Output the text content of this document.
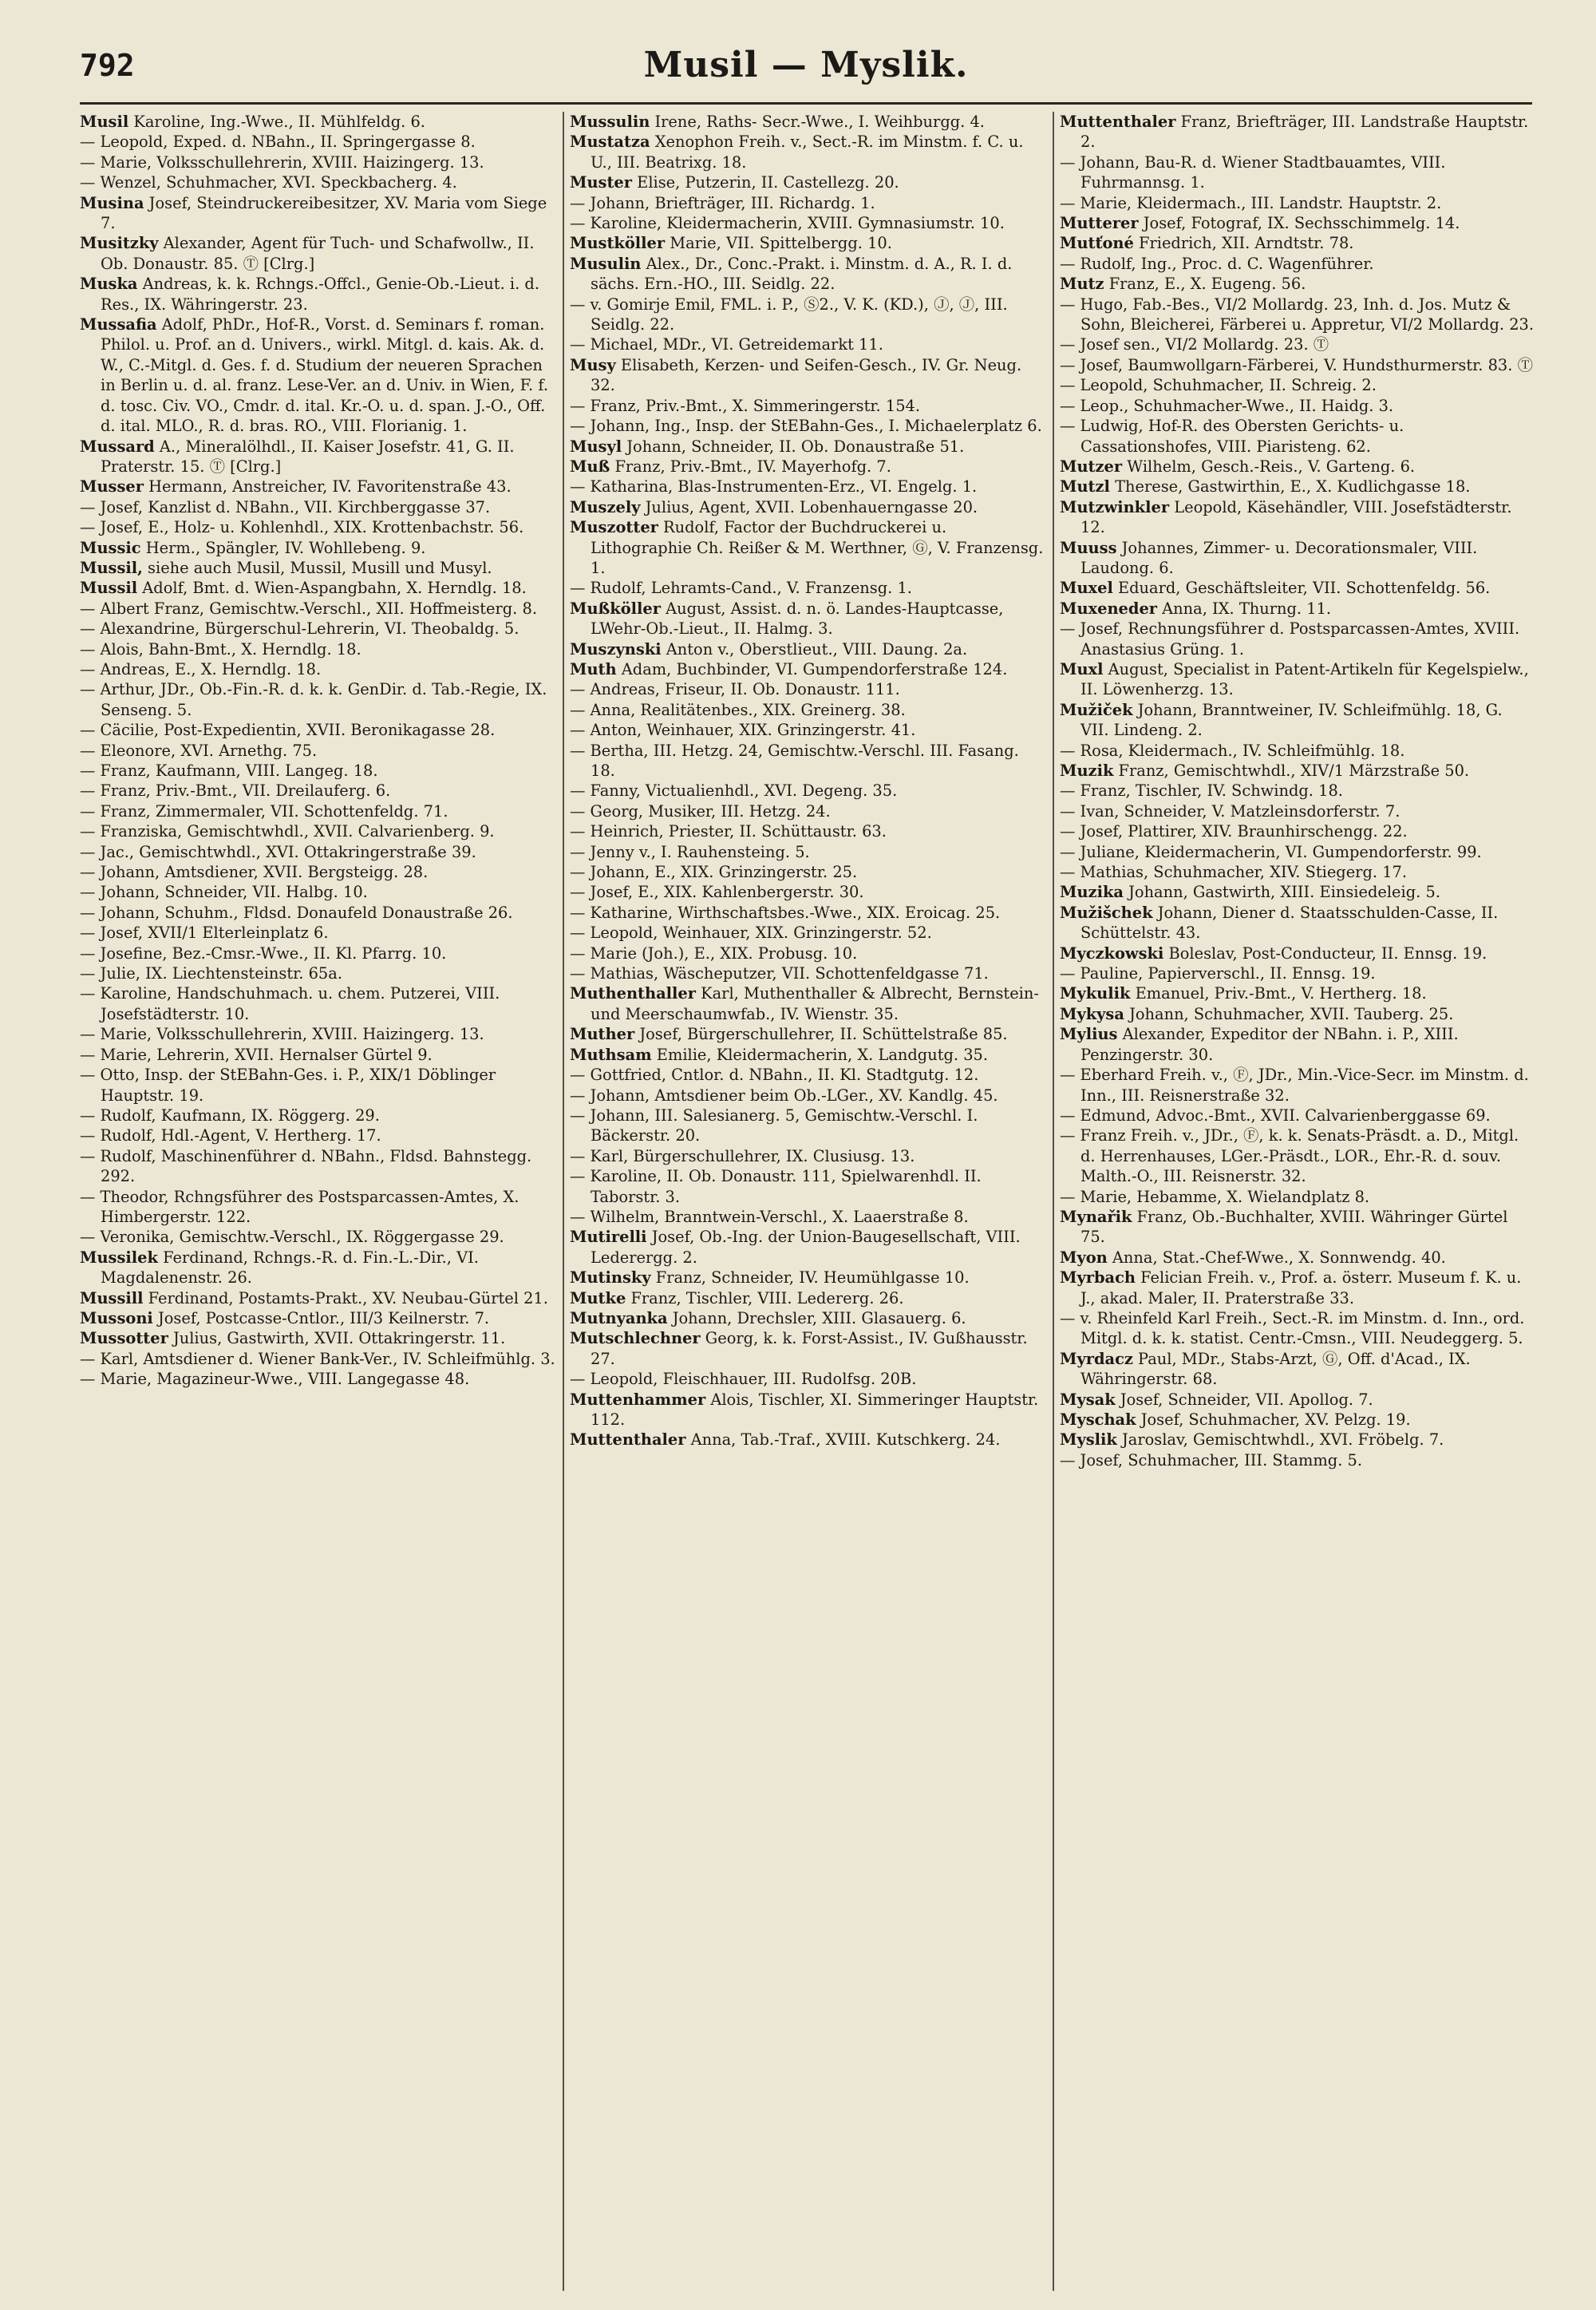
792	Musil — Myslik.
Musil Karoline, Ing.-Wwe., II. Mühlfeldg. 6.
— Leopold, Exped. d. NBahn., II. Springergasse 8.
— Marie, Volksschullehrerin, XVIII. Haizingerg. 13.
— Wenzel, Schuhmacher, XVI. Speckbacherg. 4.
Musina Josef, Steindruckereibesitzer, XV. Maria vom Siege 7.
Musitzky Alexander, Agent für Tuch- und Schafwollw., II. Ob. Donaustr. 85. Ⓣ [Clrg.]
Muska Andreas, k. k. Rchngs.-Offcl., Genie-Ob.-Lieut. i. d. Res., IX. Währingerstr. 23.
Mussafia Adolf, PhDr., Hof-R., Vorst. d. Seminars f. roman. Philol. u. Prof. an d. Univers., wirkl. Mitgl. d. kais. Ak. d. W., C.-Mitgl. d. Ges. f. d. Studium der neueren Sprachen in Berlin u. d. al. franz. Lese-Ver. an d. Univ. in Wien, F. f. d. tosc. Civ. VO., Cmdr. d. ital. Kr.-O. u. d. span. J.-O., Off. d. ital. MLO., R. d. bras. RO., VIII. Florianig. 1.
Mussard A., Mineralölhdl., II. Kaiser Josefstr. 41, G. II. Praterstr. 15. Ⓣ [Clrg.]
Musser Hermann, Anstreicher, IV. Favoritenstraße 43.
— Josef, Kanzlist d. NBahn., VII. Kirchberggasse 37.
— Josef, E., Holz- u. Kohlenhdl., XIX. Krottenbachstr. 56.
Mussic Herm., Spängler, IV. Wohllebeng. 9.
Mussil, siehe auch Musil, Mussil, Musill und Musyl.
Mussil Adolf, Bmt. d. Wien-Aspangbahn, X. Herndlg. 18.
— Albert Franz, Gemischtw.-Verschl., XII. Hoffmeisterg. 8.
— Alexandrine, Bürgerschul-Lehrerin, VI. Theobaldg. 5.
— Alois, Bahn-Bmt., X. Herndlg. 18.
— Andreas, E., X. Herndlg. 18.
— Arthur, JDr., Ob.-Fin.-R. d. k. k. GenDir. d. Tab.-Regie, IX. Senseng. 5.
— Cäcilie, Post-Expedientin, XVII. Beronikagasse 28.
— Eleonore, XVI. Arnethg. 75.
— Franz, Kaufmann, VIII. Langeg. 18.
— Franz, Priv.-Bmt., VII. Dreilauferg. 6.
— Franz, Zimmermaler, VII. Schottenfeldg. 71.
— Franziska, Gemischtwhdl., XVII. Calvarienberg. 9.
— Jac., Gemischtwhdl., XVI. Ottakringerstraße 39.
— Johann, Amtsdiener, XVII. Bergsteigg. 28.
— Johann, Schneider, VII. Halbg. 10.
— Johann, Schuhm., Fldsd. Donaufeld Donaustraße 26.
— Josef, XVII/1 Elterleinplatz 6.
— Josefine, Bez.-Cmsr.-Wwe., II. Kl. Pfarrg. 10.
— Julie, IX. Liechtensteinstr. 65a.
— Karoline, Handschuhmach. u. chem. Putzerei, VIII. Josefstädterstr. 10.
— Marie, Volksschullehrerin, XVIII. Haizingerg. 13.
— Marie, Lehrerin, XVII. Hernalser Gürtel 9.
— Otto, Insp. der StEBahn-Ges. i. P., XIX/1 Döblinger Hauptstr. 19.
— Rudolf, Kaufmann, IX. Röggerg. 29.
— Rudolf, Hdl.-Agent, V. Hertherg. 17.
— Rudolf, Maschinenführer d. NBahn., Fldsd. Bahnstegg. 292.
— Theodor, Rchngsführer des Postsparcassen-Amtes, X. Himbergerstr. 122.
— Veronika, Gemischtw.-Verschl., IX. Röggergasse 29.
Mussilek Ferdinand, Rchngs.-R. d. Fin.-L.-Dir., VI. Magdalenenstr. 26.
Mussill Ferdinand, Postamts-Prakt., XV. Neubau-Gürtel 21.
Mussoni Josef, Postcasse-Cntlor., III/3 Keilnerstr. 7.
Mussotter Julius, Gastwirth, XVII. Ottakringerstr. 11.
— Karl, Amtsdiener d. Wiener Bank-Ver., IV. Schleifmühlg. 3.
— Marie, Magazineur-Wwe., VIII. Langegasse 48.
Mussulin Irene, Raths- Secr.-Wwe., I. Weihburgg. 4.
Mustatza Xenophon Freih. v., Sect.-R. im Minstm. f. C. u. U., III. Beatrixg. 18.
Muster Elise, Putzerin, II. Castellezg. 20.
— Johann, Briefträger, III. Richardg. 1.
— Karoline, Kleidermacherin, XVIII. Gymnasiumstr. 10.
Mustköller Marie, VII. Spittelbergg. 10.
Musulin Alex., Dr., Conc.-Prakt. i. Minstm. d. A., R. I. d. sächs. Ern.-HO., III. Seidlg. 22.
— v. Gomirje Emil, FML. i. P., Ⓢ2., V. K. (KD.), Ⓙ, Ⓙ, III. Seidlg. 22.
— Michael, MDr., VI. Getreidemarkt 11.
Musy Elisabeth, Kerzen- und Seifen-Gesch., IV. Gr. Neug. 32.
— Franz, Priv.-Bmt., X. Simmeringerstr. 154.
— Johann, Ing., Insp. der StEBahn-Ges., I. Michaelerplatz 6.
Musyl Johann, Schneider, II. Ob. Donaustraße 51.
Muß Franz, Priv.-Bmt., IV. Mayerhofg. 7.
— Katharina, Blas-Instrumenten-Erz., VI. Engelg. 1.
Muszely Julius, Agent, XVII. Lobenhauerngasse 20.
Muszotter Rudolf, Factor der Buchdruckerei u. Lithographie Ch. Reißer & M. Werthner, Ⓖ, V. Franzensg. 1.
— Rudolf, Lehramts-Cand., V. Franzensg. 1.
Mußköller August, Assist. d. n. ö. Landes-Hauptcasse, LWehr-Ob.-Lieut., II. Halmg. 3.
Muszynski Anton v., Oberstlieut., VIII. Daung. 2a.
Muth Adam, Buchbinder, VI. Gumpendorferstraße 124.
— Andreas, Friseur, II. Ob. Donaustr. 111.
— Anna, Realitätenbes., XIX. Greinerg. 38.
— Anton, Weinhauer, XIX. Grinzingerstr. 41.
— Bertha, III. Hetzg. 24, Gemischtw.-Verschl. III. Fasang. 18.
— Fanny, Victualienhdl., XVI. Degeng. 35.
— Georg, Musiker, III. Hetzg. 24.
— Heinrich, Priester, II. Schüttaustr. 63.
— Jenny v., I. Rauhensteing. 5.
— Johann, E., XIX. Grinzingerstr. 25.
— Josef, E., XIX. Kahlenbergerstr. 30.
— Katharine, Wirthschaftsbes.-Wwe., XIX. Eroicag. 25.
— Leopold, Weinhauer, XIX. Grinzingerstr. 52.
— Marie (Joh.), E., XIX. Probusg. 10.
— Mathias, Wäscheputzer, VII. Schottenfeldgasse 71.
Muthenthaller Karl, Muthenthaller & Albrecht, Bernstein- und Meerschaumwfab., IV. Wienstr. 35.
Muther Josef, Bürgerschullehrer, II. Schüttelstraße 85.
Muthsam Emilie, Kleidermacherin, X. Landgutg. 35.
— Gottfried, Cntlor. d. NBahn., II. Kl. Stadtgutg. 12.
— Johann, Amtsdiener beim Ob.-LGer., XV. Kandlg. 45.
— Johann, III. Salesianerg. 5, Gemischtw.-Verschl. I. Bäckerstr. 20.
— Karl, Bürgerschullehrer, IX. Clusiusg. 13.
— Karoline, II. Ob. Donaustr. 111, Spielwarenhdl. II. Taborstr. 3.
— Wilhelm, Branntwein-Verschl., X. Laaerstraße 8.
Mutirelli Josef, Ob.-Ing. der Union-Baugesellschaft, VIII. Lederergg. 2.
Mutinsky Franz, Schneider, IV. Heumühlgasse 10.
Mutke Franz, Tischler, VIII. Ledererg. 26.
Mutnyanka Johann, Drechsler, XIII. Glasauerg. 6.
Mutschlechner Georg, k. k. Forst-Assist., IV. Gußhausstr. 27.
— Leopold, Fleischhauer, III. Rudolfsg. 20B.
Muttenhammer Alois, Tischler, XI. Simmeringer Hauptstr. 112.
Muttenthaler Anna, Tab.-Traf., XVIII. Kutschkerg. 24.
Muttenthaler Franz, Briefträger, III. Landstraße Hauptstr. 2.
— Johann, Bau-R. d. Wiener Stadtbauamtes, VIII. Fuhrmannsg. 1.
— Marie, Kleidermach., III. Landstr. Hauptstr. 2.
Mutterer Josef, Fotograf, IX. Sechsschimmelg. 14.
Mutťoné Friedrich, XII. Arndtstr. 78.
— Rudolf, Ing., Proc. d. C. Wagenführer.
Mutz Franz, E., X. Eugeng. 56.
— Hugo, Fab.-Bes., VI/2 Mollardg. 23, Inh. d. Jos. Mutz & Sohn, Bleicherei, Färberei u. Appretur, VI/2 Mollardg. 23.
— Josef sen., VI/2 Mollardg. 23. Ⓣ
— Josef, Baumwollgarn-Färberei, V. Hundsthurmerstr. 83. Ⓣ
— Leopold, Schuhmacher, II. Schreig. 2.
— Leop., Schuhmacher-Wwe., II. Haidg. 3.
— Ludwig, Hof-R. des Obersten Gerichts- u. Cassationshofes, VIII. Piaristeng. 62.
Mutzer Wilhelm, Gesch.-Reis., V. Garteng. 6.
Mutzl Therese, Gastwirthin, E., X. Kudlichgasse 18.
Mutzwinkler Leopold, Käsehändler, VIII. Josefstädterstr. 12.
Muuss Johannes, Zimmer- u. Decorationsmaler, VIII. Laudong. 6.
Muxel Eduard, Geschäftsleiter, VII. Schottenfeldg. 56.
Muxeneder Anna, IX. Thurng. 11.
— Josef, Rechnungsführer d. Postsparcassen-Amtes, XVIII. Anastasius Grüng. 1.
Muxl August, Specialist in Patent-Artikeln für Kegelspielw., II. Löwenherzg. 13.
Mužiček Johann, Branntweiner, IV. Schleifmühlg. 18, G. VII. Lindeng. 2.
— Rosa, Kleidermach., IV. Schleifmühlg. 18.
Muzik Franz, Gemischtwhdl., XIV/1 Märzstraße 50.
— Franz, Tischler, IV. Schwindg. 18.
— Ivan, Schneider, V. Matzleinsdorferstr. 7.
— Josef, Plattirer, XIV. Braunhirschengg. 22.
— Juliane, Kleidermacherin, VI. Gumpendorferstr. 99.
— Mathias, Schuhmacher, XIV. Stiegerg. 17.
Muzika Johann, Gastwirth, XIII. Einsiedeleig. 5.
Mužišchek Johann, Diener d. Staatsschulden-Casse, II. Schüttelstr. 43.
Myczkowski Boleslav, Post-Conducteur, II. Ennsg. 19.
— Pauline, Papierverschl., II. Ennsg. 19.
Mykulik Emanuel, Priv.-Bmt., V. Hertherg. 18.
Mykysa Johann, Schuhmacher, XVII. Tauberg. 25.
Mylius Alexander, Expeditor der NBahn. i. P., XIII. Penzingerstr. 30.
— Eberhard Freih. v., Ⓕ, JDr., Min.-Vice-Secr. im Minstm. d. Inn., III. Reisnerstraße 32.
— Edmund, Advoc.-Bmt., XVII. Calvarienberggasse 69.
— Franz Freih. v., JDr., Ⓕ, k. k. Senats-Präsdt. a. D., Mitgl. d. Herrenhauses, LGer.-Präsdt., LOR., Ehr.-R. d. souv. Malth.-O., III. Reisnerstr. 32.
— Marie, Hebamme, X. Wielandplatz 8.
Mynařik Franz, Ob.-Buchhalter, XVIII. Währinger Gürtel 75.
Myon Anna, Stat.-Chef-Wwe., X. Sonnwendg. 40.
Myrbach Felician Freih. v., Prof. a. österr. Museum f. K. u. J., akad. Maler, II. Praterstraße 33.
— v. Rheinfeld Karl Freih., Sect.-R. im Minstm. d. Inn., ord. Mitgl. d. k. k. statist. Centr.-Cmsn., VIII. Neudeggerg. 5.
Myrdacz Paul, MDr., Stabs-Arzt, Ⓖ, Off. d'Acad., IX. Währingerstr. 68.
Mysak Josef, Schneider, VII. Apollog. 7.
Myschak Josef, Schuhmacher, XV. Pelzg. 19.
Myslik Jaroslav, Gemischtwhdl., XVI. Fröbelg. 7.
— Josef, Schuhmacher, III. Stammg. 5.
